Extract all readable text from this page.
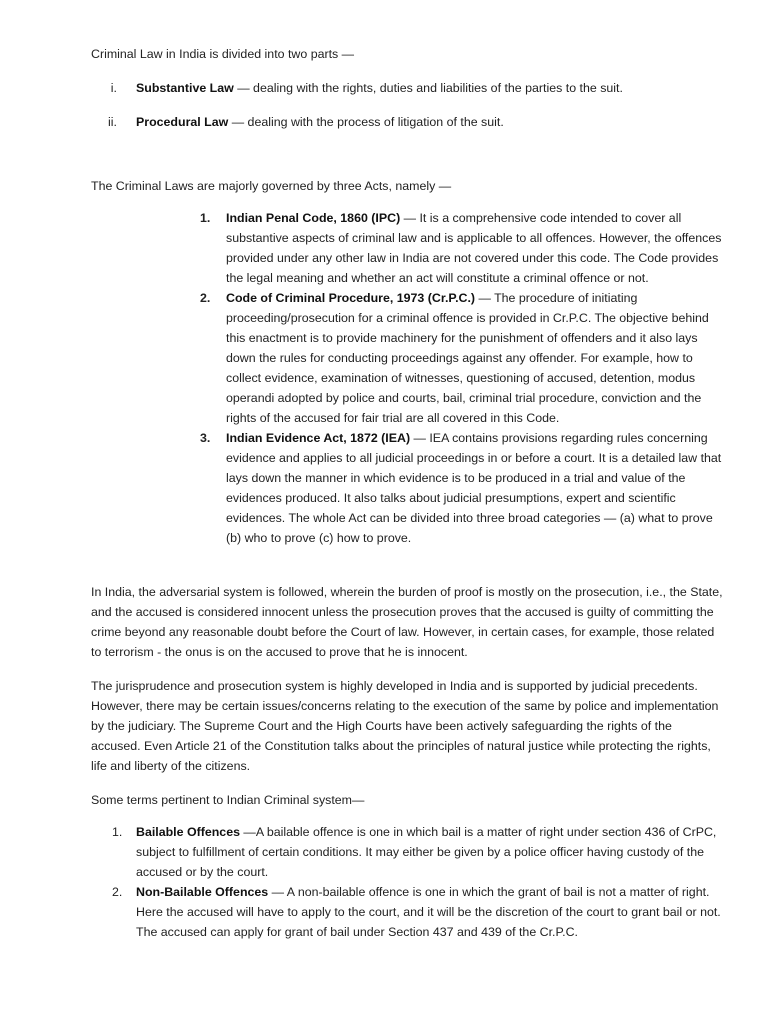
Criminal Law in India is divided into two parts —
i. Substantive Law — dealing with the rights, duties and liabilities of the parties to the suit.
ii. Procedural Law — dealing with the process of litigation of the suit.
The Criminal Laws are majorly governed by three Acts, namely —
1. Indian Penal Code, 1860 (IPC) — It is a comprehensive code intended to cover all substantive aspects of criminal law and is applicable to all offences. However, the offences provided under any other law in India are not covered under this code. The Code provides the legal meaning and whether an act will constitute a criminal offence or not.
2. Code of Criminal Procedure, 1973 (Cr.P.C.) — The procedure of initiating proceeding/prosecution for a criminal offence is provided in Cr.P.C. The objective behind this enactment is to provide machinery for the punishment of offenders and it also lays down the rules for conducting proceedings against any offender. For example, how to collect evidence, examination of witnesses, questioning of accused, detention, modus operandi adopted by police and courts, bail, criminal trial procedure, conviction and the rights of the accused for fair trial are all covered in this Code.
3. Indian Evidence Act, 1872 (IEA) — IEA contains provisions regarding rules concerning evidence and applies to all judicial proceedings in or before a court. It is a detailed law that lays down the manner in which evidence is to be produced in a trial and value of the evidences produced. It also talks about judicial presumptions, expert and scientific evidences. The whole Act can be divided into three broad categories — (a) what to prove (b) who to prove (c) how to prove.
In India, the adversarial system is followed, wherein the burden of proof is mostly on the prosecution, i.e., the State, and the accused is considered innocent unless the prosecution proves that the accused is guilty of committing the crime beyond any reasonable doubt before the Court of law. However, in certain cases, for example, those related to terrorism - the onus is on the accused to prove that he is innocent.
The jurisprudence and prosecution system is highly developed in India and is supported by judicial precedents. However, there may be certain issues/concerns relating to the execution of the same by police and implementation by the judiciary. The Supreme Court and the High Courts have been actively safeguarding the rights of the accused. Even Article 21 of the Constitution talks about the principles of natural justice while protecting the rights, life and liberty of the citizens.
Some terms pertinent to Indian Criminal system—
1. Bailable Offences —A bailable offence is one in which bail is a matter of right under section 436 of CrPC, subject to fulfillment of certain conditions. It may either be given by a police officer having custody of the accused or by the court.
2. Non-Bailable Offences — A non-bailable offence is one in which the grant of bail is not a matter of right. Here the accused will have to apply to the court, and it will be the discretion of the court to grant bail or not. The accused can apply for grant of bail under Section 437 and 439 of the Cr.P.C.
